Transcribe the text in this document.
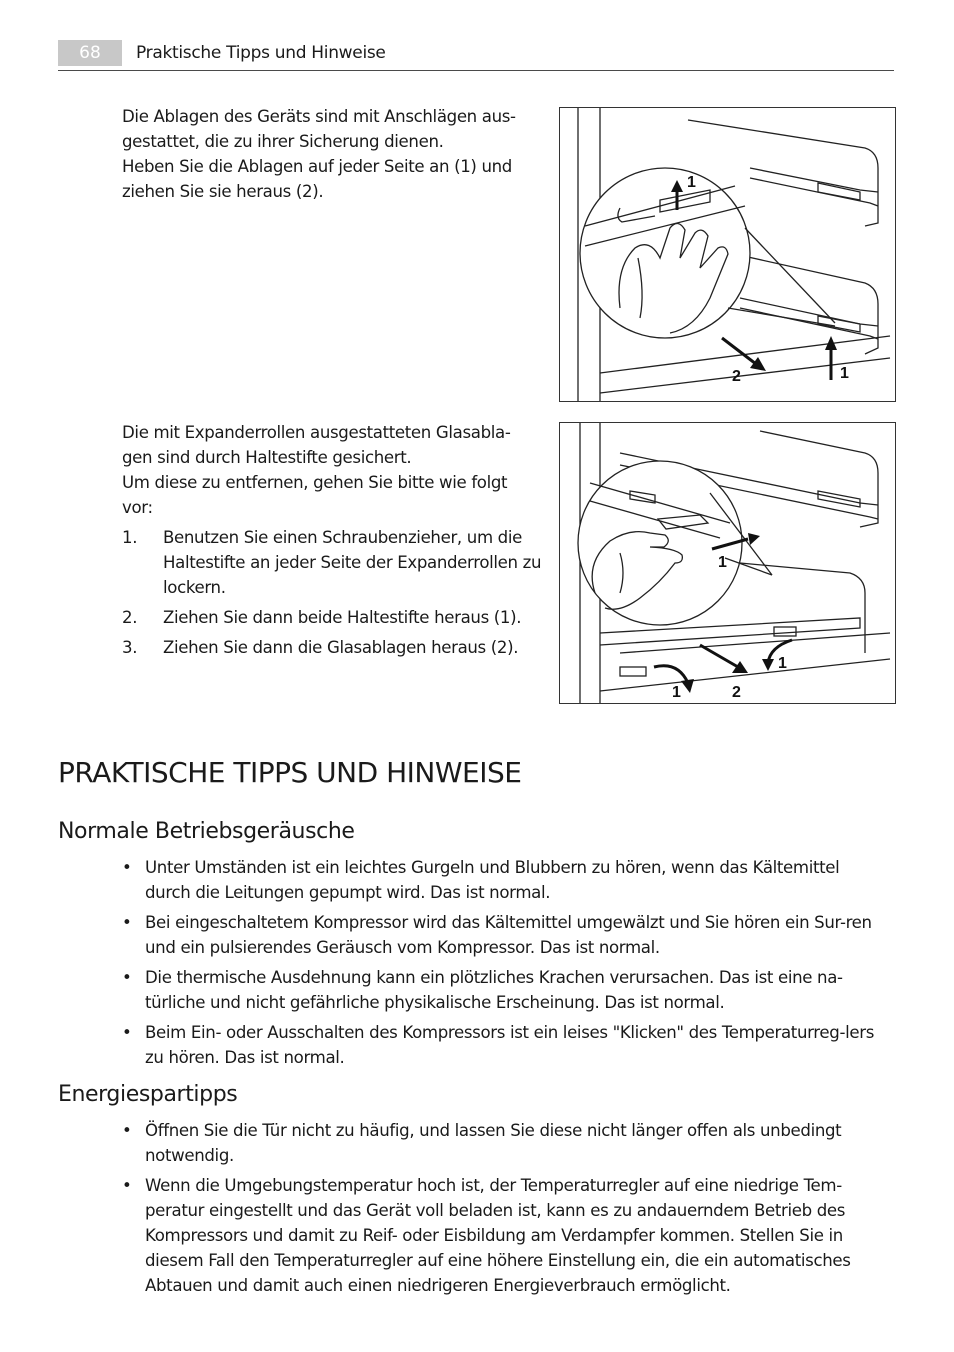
68	Praktische Tipps und Hinweise

Die Ablagen des Geräts sind mit Anschlägen aus-

gestattet, die zu ihrer Sicherung dienen.

Heben Sie die Ablagen auf jeder Seite an (1) und

ziehen Sie sie heraus (2).	1
2	1

Die mit Expanderrollen ausgestatteten Glasabla-

gen sind durch Haltestifte gesichert.

Um diese zu entfernen, gehen Sie bitte wie folgt

vor:

1. Benutzen Sie einen Schraubenzieher, um die Haltestifte an jeder Seite der Expanderrollen zu lockern.
2. Ziehen Sie dann beide Haltestifte heraus (1).
3. Ziehen Sie dann die Glasablagen heraus (2).
1
1
1
2
PRAKTISCHE TIPPS UND HINWEISE
Normale Betriebsgeräusche
• Unter Umständen ist ein leichtes Gurgeln und Blubbern zu hören, wenn das Kältemittel durch die Leitungen gepumpt wird. Das ist normal.
• Bei eingeschaltetem Kompressor wird das Kältemittel umgewälzt und Sie hören ein Sur-ren und ein pulsierendes Geräusch vom Kompressor. Das ist normal.
• Die thermische Ausdehnung kann ein plötzliches Krachen verursachen. Das ist eine na-türliche und nicht gefährliche physikalische Erscheinung. Das ist normal.
• Beim Ein- oder Ausschalten des Kompressors ist ein leises "Klicken" des Temperaturreg-lers zu hören. Das ist normal.
Energiespartipps
• Öffnen Sie die Tür nicht zu häufig, und lassen Sie diese nicht länger offen als unbedingt notwendig.
• Wenn die Umgebungstemperatur hoch ist, der Temperaturregler auf eine niedrige Tem-peratur eingestellt und das Gerät voll beladen ist, kann es zu andauerndem Betrieb des Kompressors und damit zu Reif- oder Eisbildung am Verdampfer kommen. Stellen Sie in diesem Fall den Temperaturregler auf eine höhere Einstellung ein, die ein automatisches Abtauen und damit auch einen niedrigeren Energieverbrauch ermöglicht.
